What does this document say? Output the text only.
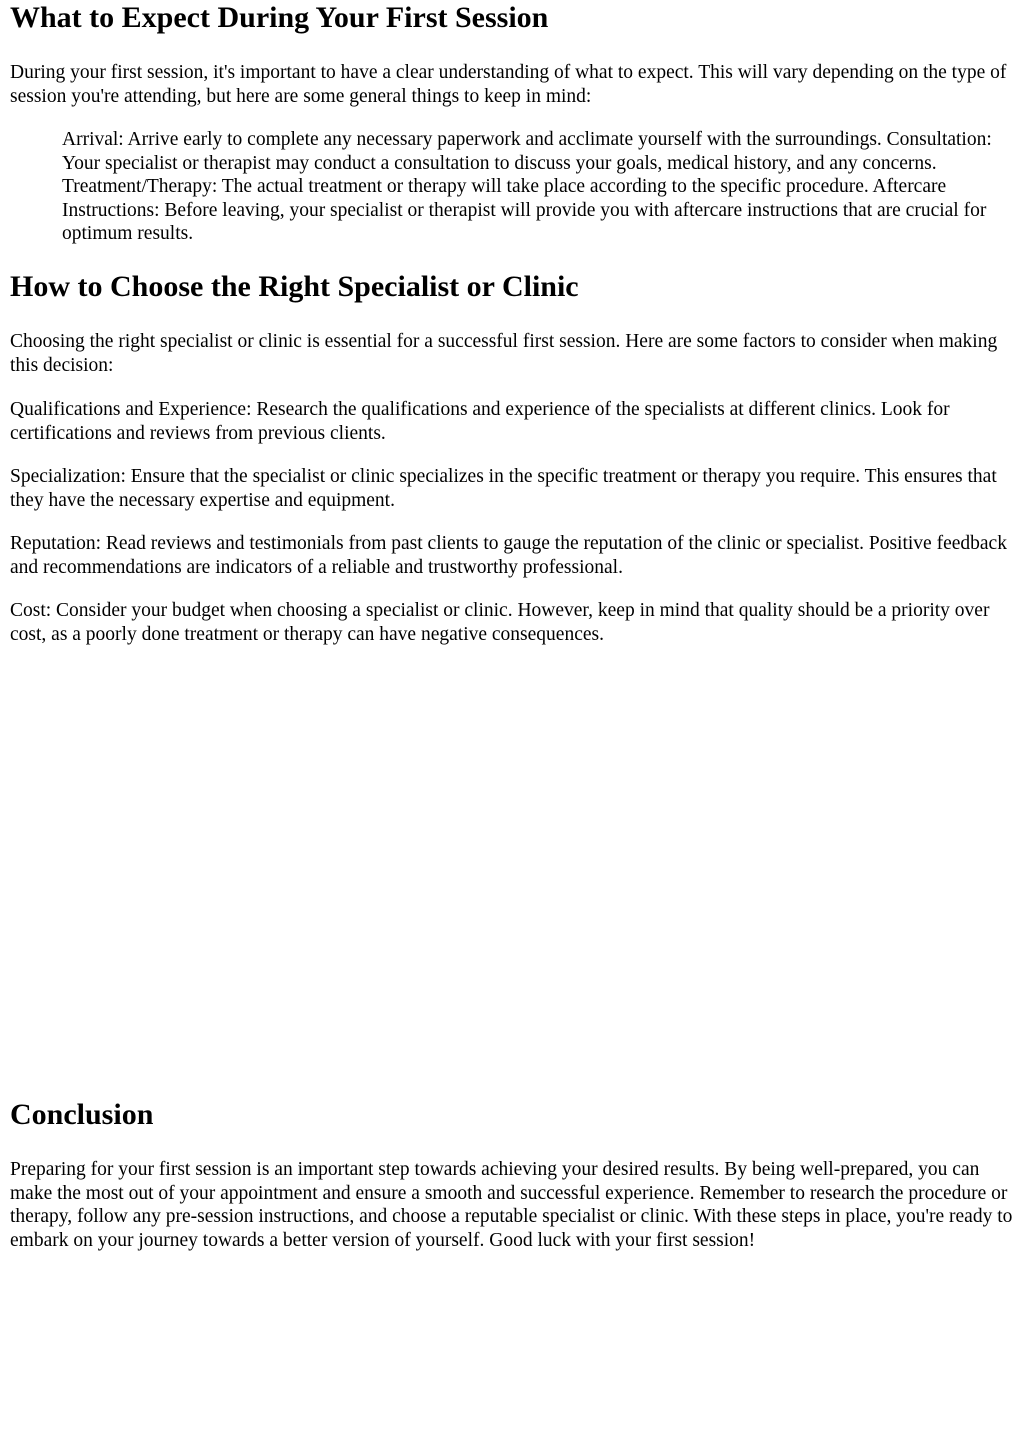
What to Expect During Your First Session

During your first session, it's important to have a clear understanding of what to expect. This will vary depending on the type of session you're attending, but here are some general things to keep in mind:

Arrival: Arrive early to complete any necessary paperwork and acclimate yourself with the surroundings. Consultation: Your specialist or therapist may conduct a consultation to discuss your goals, medical history, and any concerns. Treatment/Therapy: The actual treatment or therapy will take place according to the specific procedure. Aftercare Instructions: Before leaving, your specialist or therapist will provide you with aftercare instructions that are crucial for optimum results.
How to Choose the Right Specialist or Clinic

Choosing the right specialist or clinic is essential for a successful first session. Here are some factors to consider when making this decision:

Qualifications and Experience: Research the qualifications and experience of the specialists at different clinics. Look for certifications and reviews from previous clients.

Specialization: Ensure that the specialist or clinic specializes in the specific treatment or therapy you require. This ensures that they have the necessary expertise and equipment.

Reputation: Read reviews and testimonials from past clients to gauge the reputation of the clinic or specialist. Positive feedback and recommendations are indicators of a reliable and trustworthy professional.

Cost: Consider your budget when choosing a specialist or clinic. However, keep in mind that quality should be a priority over cost, as a poorly done treatment or therapy can have negative consequences.

Conclusion

Preparing for your first session is an important step towards achieving your desired results. By being well-prepared, you can make the most out of your appointment and ensure a smooth and successful experience. Remember to research the procedure or therapy, follow any pre-session instructions, and choose a reputable specialist or clinic. With these steps in place, you're ready to embark on your journey towards a better version of yourself. Good luck with your first session!
